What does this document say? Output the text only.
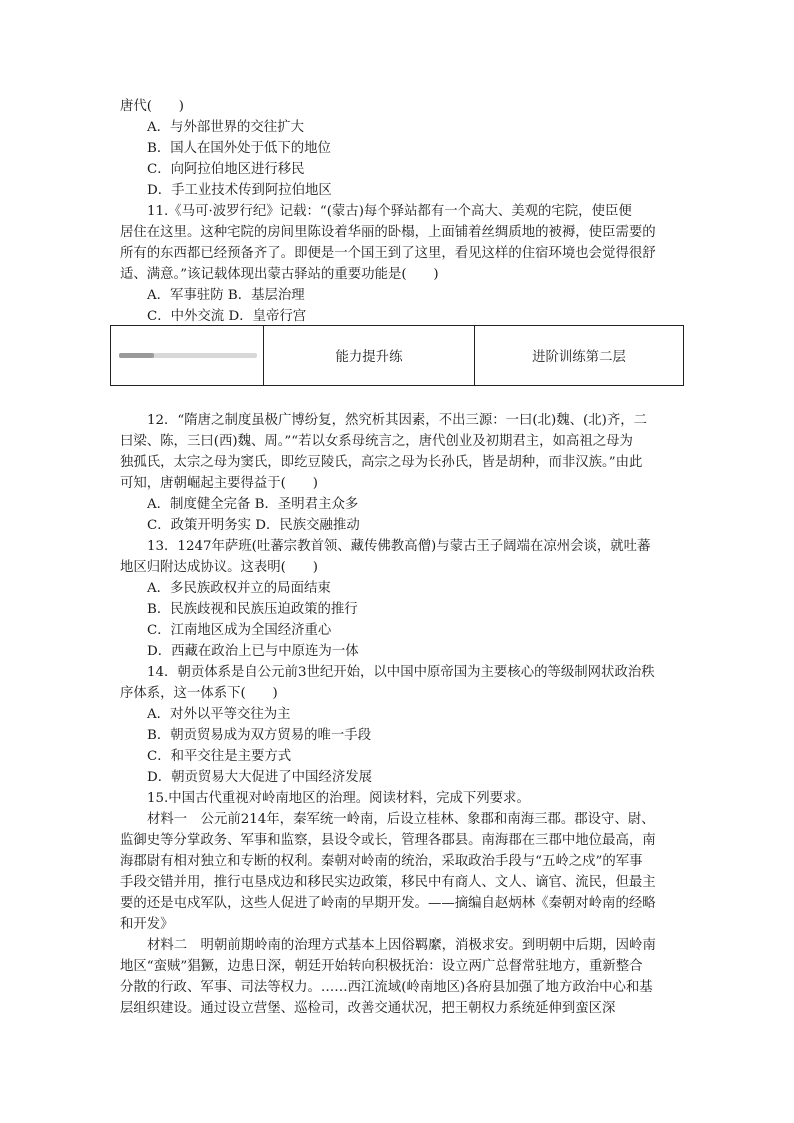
唐代(　　)
A．与外部世界的交往扩大
B．国人在国外处于低下的地位
C．向阿拉伯地区进行移民
D．手工业技术传到阿拉伯地区
11.《马可·波罗行纪》记载：“(蒙古)每个驿站都有一个高大、美观的宅院，使臣便
居住在这里。这种宅院的房间里陈设着华丽的卧榻，上面铺着丝绸质地的被褥，使臣需要的
所有的东西都已经预备齐了。即便是一个国王到了这里，看见这样的住宿环境也会觉得很舒
适、满意。”该记载体现出蒙古驿站的重要功能是(　　)
A．军事驻防 B．基层治理
C．中外交流 D．皇帝行宫
能力提升练	进阶训练第二层
12．“隋唐之制度虽极广博纷复，然究析其因素，不出三源：一曰(北)魏、(北)齐，二
曰梁、陈，三曰(西)魏、周。”“若以女系母统言之，唐代创业及初期君主，如高祖之母为
独孤氏，太宗之母为窦氏，即纥豆陵氏，高宗之母为长孙氏，皆是胡种，而非汉族。”由此
可知，唐朝崛起主要得益于(　　)
A．制度健全完备 B．圣明君主众多
C．政策开明务实 D．民族交融推动
13．1247年萨班(吐蕃宗教首领、藏传佛教高僧)与蒙古王子阔端在凉州会谈，就吐蕃
地区归附达成协议。这表明(　　)
A．多民族政权并立的局面结束
B．民族歧视和民族压迫政策的推行
C．江南地区成为全国经济重心
D．西藏在政治上已与中原连为一体
14．朝贡体系是自公元前3世纪开始，以中国中原帝国为主要核心的等级制网状政治秩
序体系，这一体系下(　　)
A．对外以平等交往为主
B．朝贡贸易成为双方贸易的唯一手段
C．和平交往是主要方式
D．朝贡贸易大大促进了中国经济发展
15.中国古代重视对岭南地区的治理。阅读材料，完成下列要求。
材料一　公元前214年，秦军统一岭南，后设立桂林、象郡和南海三郡。郡设守、尉、
监御史等分掌政务、军事和监察，县设令或长，管理各郡县。南海郡在三郡中地位最高，南
海郡尉有相对独立和专断的权利。秦朝对岭南的统治，采取政治手段与“五岭之戍”的军事
手段交错并用，推行屯垦戍边和移民实边政策，移民中有商人、文人、谪官、流民，但最主
要的还是屯戍军队，这些人促进了岭南的早期开发。——摘编自赵炳林《秦朝对岭南的经略
和开发》
材料二　明朝前期岭南的治理方式基本上因俗羁縻，消极求安。到明朝中后期，因岭南
地区“蛮贼”猖獗，边患日深，朝廷开始转向积极抚治：设立两广总督常驻地方，重新整合
分散的行政、军事、司法等权力。……西江流域(岭南地区)各府县加强了地方政治中心和基
层组织建设。通过设立营堡、巡检司，改善交通状况，把王朝权力系统延伸到蛮区深
